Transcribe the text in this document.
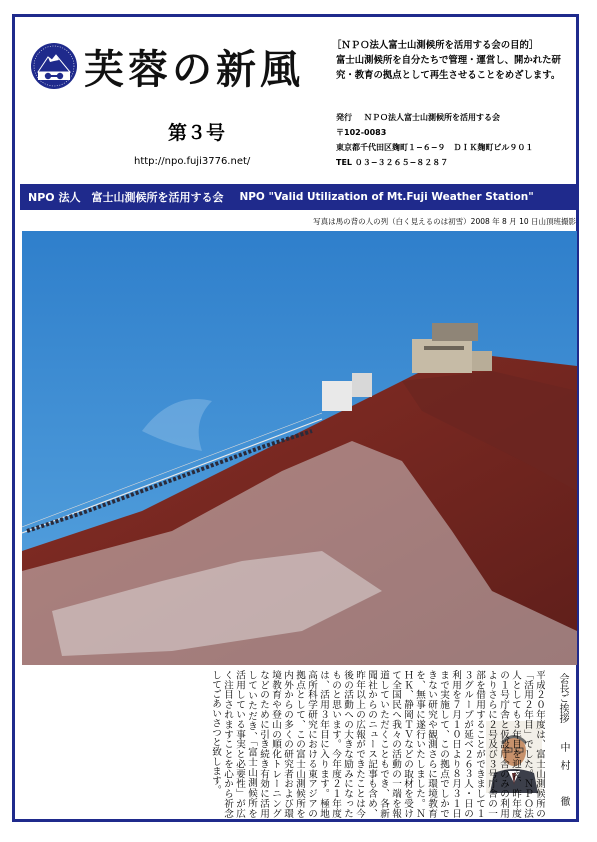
芙蓉の新風
第３号
http://npo.fuji3776.net/
［ＮＰＯ法人富士山測候所を活用する会の目的］
富士山測候所を自分たちで管理・運営し、開かれた研究・教育の拠点として再生させることをめざします。
発行	ＮＰＯ法人富士山測候所を活用する会
〒102-0083
東京都千代田区麹町１−６−９　ＤＩＫ麹町ビル９０１
TEL ０３−３２６５−８２８７
NPO 法人　富士山測候所を活用する会 NPO "Valid Utilization of Mt.Fuji Weather Station"
写真は馬の背の人の列（白く見えるのは初雪）2008 年 8 月 10 日山頂班撮影
会長ご挨拶
中村　徹
平成２０年度は、富士山測候所の「活用２年目」でした。ＮＰＯ法人としても３年目を迎え、昨年度の１号庁舎と仮設庁舎のみの利用よりさらに２号及び３号庁舎の一部を借用することができまして１３グループが延べ２６３人・日の利用を７月１０日より８月３１日まで実施して、この拠点でしかできない研究や観測さらに環境教育を、無事に遂行いたしました。ＮＨＫ、静岡ＴＶなどの取材を受けて全国民へ我々の活動の一端を報道していただくこともでき、各新聞社からのニュース記事も含め、昨年以上の広報ができたことは今後の活動への大きな励みになったものと思います。今年度２１年度は、活用３年目に入ります。極地高所科学研究における東アジアの拠点として、この富士山測候所を内外からの多くの研究者および環境教育や登山の順化トレーニングなどのために引き続き有効に活用していただき、「富士山測候所を活用している事実と必要性」が広く注目されますことを心から祈念してごあいさつと致します。
